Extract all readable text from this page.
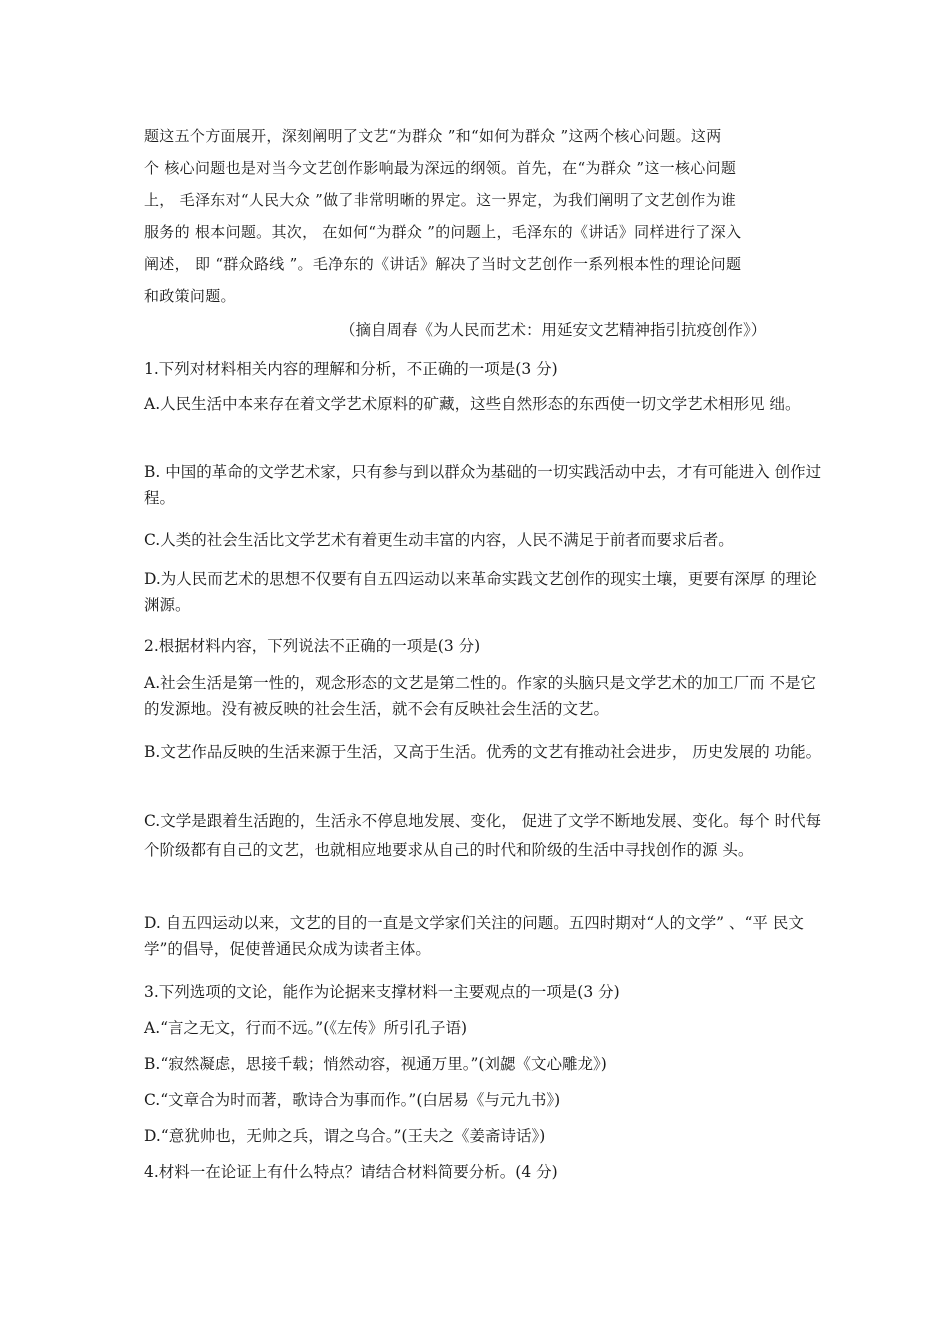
题这五个方面展开，深刻阐明了文艺“为群众 ”和“如何为群众 ”这两个核心问题。这两
个 核心问题也是对当今文艺创作影响最为深远的纲领。首先，在“为群众 ”这一核心问题
上， 毛泽东对“人民大众 ”做了非常明晰的界定。这一界定，为我们阐明了文艺创作为谁
服务的 根本问题。其次， 在如何“为群众 ”的问题上，毛泽东的《讲话》同样进行了深入
阐述， 即 “群众路线 ”。毛净东的《讲话》解决了当时文艺创作一系列根本性的理论问题
和政策问题。
（摘自周春《为人民而艺术：用延安文艺精神指引抗疫创作》）
1.下列对材料相关内容的理解和分析，不正确的一项是(3 分)
A.人民生活中本来存在着文学艺术原料的矿藏，这些自然形态的东西使一切文学艺术相形见 绌。
B. 中国的革命的文学艺术家，只有参与到以群众为基础的一切实践活动中去，才有可能进入 创作过程。
C.人类的社会生活比文学艺术有着更生动丰富的内容，人民不满足于前者而要求后者。
D.为人民而艺术的思想不仅要有自五四运动以来革命实践文艺创作的现实土壤，更要有深厚 的理论渊源。
2.根据材料内容，下列说法不正确的一项是(3 分)
A.社会生活是第一性的，观念形态的文艺是第二性的。作家的头脑只是文学艺术的加工厂而 不是它的发源地。没有被反映的社会生活，就不会有反映社会生活的文艺。
B.文艺作品反映的生活来源于生活，又高于生活。优秀的文艺有推动社会进步， 历史发展的 功能。
C.文学是跟着生活跑的，生活永不停息地发展、变化， 促进了文学不断地发展、变化。每个 时代每个阶级都有自己的文艺，也就相应地要求从自己的时代和阶级的生活中寻找创作的源 头。
D. 自五四运动以来，文艺的目的一直是文学家们关注的问题。五四时期对“人的文学” 、“平 民文学”的倡导，促使普通民众成为读者主体。
3.下列选项的文论，能作为论据来支撑材料一主要观点的一项是(3 分)
A.“言之无文，行而不远。”(《左传》所引孔子语)
B.“寂然凝虑，思接千载；悄然动容，视通万里。”(刘勰《文心雕龙》)
C.“文章合为时而著，歌诗合为事而作。”(白居易《与元九书》)
D.“意犹帅也，无帅之兵，谓之乌合。”(王夫之《姜斋诗话》)
4.材料一在论证上有什么特点？请结合材料简要分析。(4 分)
